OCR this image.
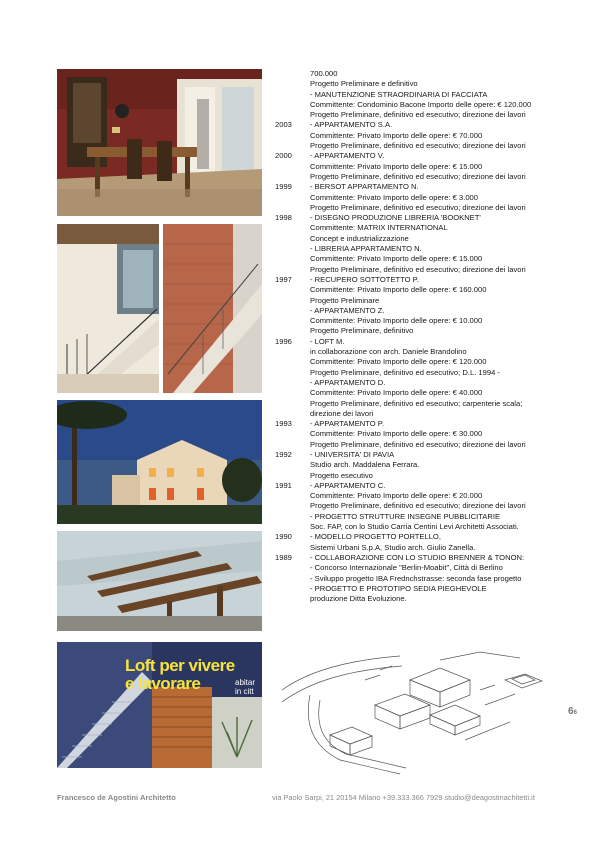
Loft per vivere
e lavorare	abitar
in citt
700.000
Progetto Preliminare e definitivo
- MANUTENZIONE STRAORDINARIA DI FACCIATA
Committente: Condominio Bacone Importo delle opere: € 120.000
Progetto Preliminare, definitivo ed esecutivo; direzione dei lavori
2003 - APPARTAMENTO S.A.
Committente: Privato Importo delle opere: € 70.000
Progetto Preliminare, definitivo ed esecutivo; direzione dei lavori
2000 - APPARTAMENTO V.
Committente: Privato Importo delle opere: € 15.000
Progetto Preliminare, definitivo ed esecutivo; direzione dei lavori
1999 - BERSOT APPARTAMENTO N.
Committente: Privato Importo delle opere: € 3.000
Progetto Preliminare, definitivo ed esecutivo; direzione dei lavori
1998 - DISEGNO PRODUZIONE LIBRERIA 'BOOKNET'
Committente: MATRIX INTERNATIONAL
Concept e industrializzazione
- LIBRERIA APPARTAMENTO N.
Committente: Privato Importo delle opere: € 15.000
Progetto Preliminare, definitivo ed esecutivo; direzione dei lavori
1997 - RECUPERO SOTTOTETTO P.
Committente: Privato Importo delle opere: € 160.000
Progetto Preliminare
- APPARTAMENTO Z.
Committente: Privato Importo delle opere: € 10.000
Progetto Preliminare, definitivo
1996 - LOFT M.
in collaborazione con arch. Daniele Brandolino
Committente: Privato Importo delle opere: € 120.000
Progetto Preliminare, definitivo ed esecutivo; D.L. 1994 -
- APPARTAMENTO D.
Committente: Privato Importo delle opere: € 40.000
Progetto Preliminare, definitivo ed esecutivo; carpenterie scala;
direzione dei lavori
1993 - APPARTAMENTO P.
Committente: Privato Importo delle opere: € 30.000
Progetto Preliminare, definitivo ed esecutivo; direzione dei lavori
1992 - UNIVERSITA' DI PAVIA
Studio arch. Maddalena Ferrara.
Progetto esecutivo
1991 - APPARTAMENTO C.
Committente: Privato Importo delle opere: € 20.000
Progetto Preliminare, definitivo ed esecutivo; direzione dei lavori
- PROGETTO STRUTTURE INSEGNE PUBBLICITARIE
Soc. FAP, con lo Studio Carria Centini Levi Architetti Associati.
1990 - MODELLO PROGETTO PORTELLO,
Sistemi Urbani S.p.A, Studio arch. Giulio Zanella.
1989 - COLLABORAZIONE CON LO STUDIO BRENNER & TONON:
- Concorso Internazionale "Berlin-Moabit", Città di Berlino
- Sviluppo progetto IBA Frednchstrasse: seconda fase progetto
- PROGETTO E PROTOTIPO SEDIA PIEGHEVOLE
produzione Ditta Evoluzione.
66
Francesco de Agostini Architetto	via Paolo Sarpi, 21 20154 Milano +39.333.366 7929 studio@deagostinachitetti.it
